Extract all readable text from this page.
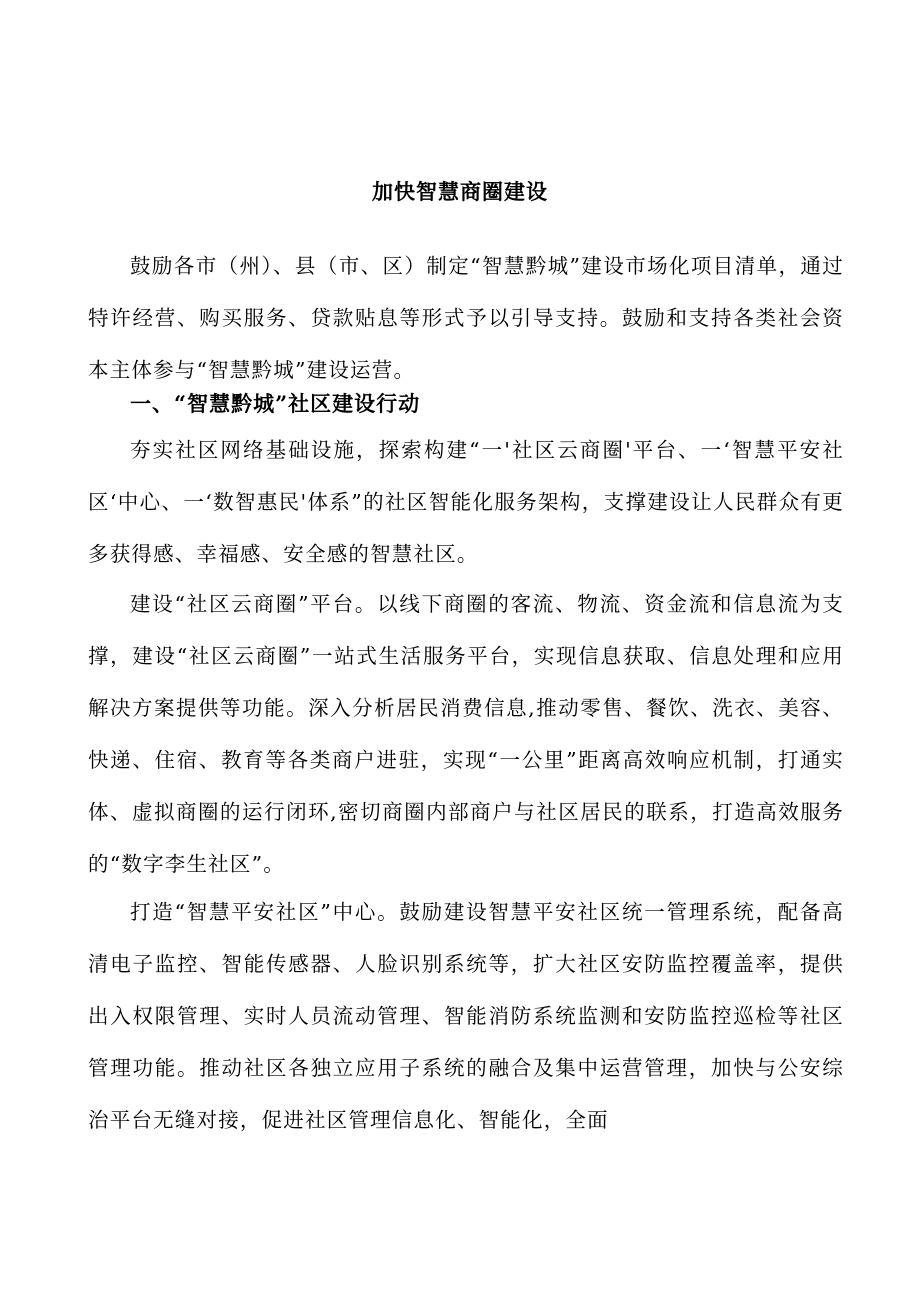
加快智慧商圈建设

鼓励各市（州）、县（市、区）制定“智慧黔城”建设市场化项目清单，通过特许经营、购买服务、贷款贴息等形式予以引导支持。鼓励和支持各类社会资本主体参与“智慧黔城”建设运营。

一、“智慧黔城”社区建设行动

夯实社区网络基础设施，探索构建“一'社区云商圈'平台、一‘智慧平安社区‘中心、一‘数智惠民'体系”的社区智能化服务架构，支撑建设让人民群众有更多获得感、幸福感、安全感的智慧社区。

建设“社区云商圈”平台。以线下商圈的客流、物流、资金流和信息流为支撑，建设“社区云商圈”一站式生活服务平台，实现信息获取、信息处理和应用解决方案提供等功能。深入分析居民消费信息,推动零售、餐饮、洗衣、美容、快递、住宿、教育等各类商户进驻，实现“一公里”距离高效响应机制，打通实体、虚拟商圈的运行闭环,密切商圈内部商户与社区居民的联系，打造高效服务的“数字李生社区”。

打造“智慧平安社区”中心。鼓励建设智慧平安社区统一管理系统，配备高清电子监控、智能传感器、人脸识别系统等，扩大社区安防监控覆盖率，提供出入权限管理、实时人员流动管理、智能消防系统监测和安防监控巡检等社区管理功能。推动社区各独立应用子系统的融合及集中运营管理，加快与公安综治平台无缝对接，促进社区管理信息化、智能化，全面
